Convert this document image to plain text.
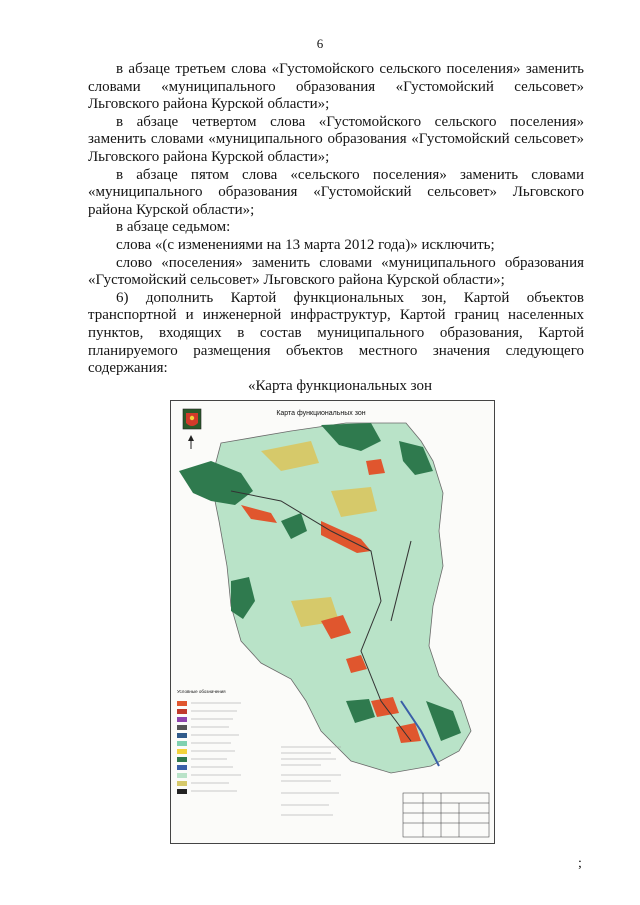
6

в абзаце третьем слова «Густомойского сельского поселения» заменить словами «муниципального образования «Густомойский сельсовет» Льговского района Курской области»;

в абзаце четвертом слова «Густомойского сельского поселения» заменить словами «муниципального образования «Густомойский сельсовет» Льговского района Курской области»;

в абзаце пятом слова «сельского поселения» заменить словами «муниципального образования «Густомойский сельсовет» Льговского района Курской области»;

в абзаце седьмом:

слова «(с изменениями на 13 марта 2012 года)» исключить;

слово «поселения» заменить словами «муниципального образования «Густомойский сельсовет» Льговского района Курской области»;

6) дополнить Картой функциональных зон, Картой объектов транспортной и инженерной инфраструктур, Картой границ населенных пунктов, входящих в состав муниципального образования, Картой планируемого размещения объектов местного значения следующего содержания:

«Карта функциональных зон
Карта функциональных зон
Условные обозначения
;
